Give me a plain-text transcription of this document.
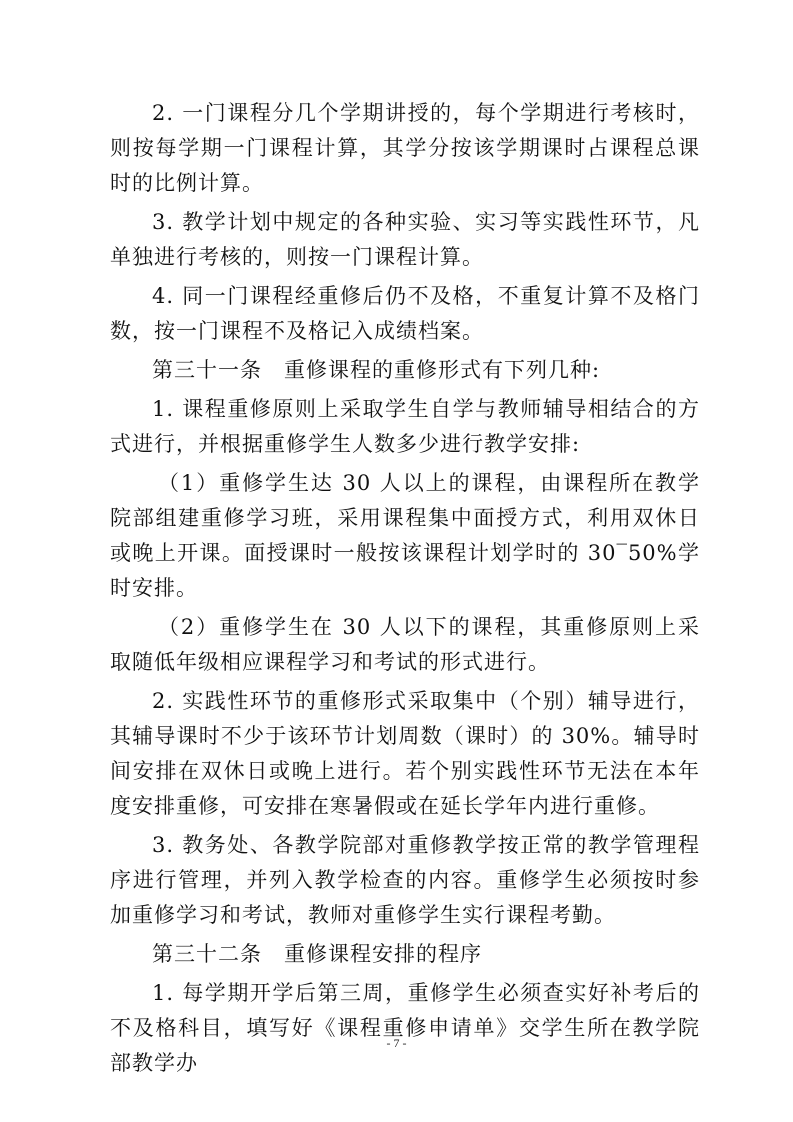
2. 一门课程分几个学期讲授的，每个学期进行考核时，则按每学期一门课程计算，其学分按该学期课时占课程总课时的比例计算。

3. 教学计划中规定的各种实验、实习等实践性环节，凡单独进行考核的，则按一门课程计算。

4. 同一门课程经重修后仍不及格，不重复计算不及格门数，按一门课程不及格记入成绩档案。

第三十一条　重修课程的重修形式有下列几种:

1. 课程重修原则上采取学生自学与教师辅导相结合的方式进行，并根据重修学生人数多少进行教学安排:

（1）重修学生达 30 人以上的课程，由课程所在教学院部组建重修学习班，采用课程集中面授方式，利用双休日或晚上开课。面授课时一般按该课程计划学时的 30‾50%学时安排。

（2）重修学生在 30 人以下的课程，其重修原则上采取随低年级相应课程学习和考试的形式进行。

2. 实践性环节的重修形式采取集中（个别）辅导进行，其辅导课时不少于该环节计划周数（课时）的 30%。辅导时间安排在双休日或晚上进行。若个别实践性环节无法在本年度安排重修，可安排在寒暑假或在延长学年内进行重修。

3. 教务处、各教学院部对重修教学按正常的教学管理程序进行管理，并列入教学检查的内容。重修学生必须按时参加重修学习和考试，教师对重修学生实行课程考勤。

第三十二条　重修课程安排的程序

1. 每学期开学后第三周，重修学生必须查实好补考后的不及格科目，填写好《课程重修申请单》交学生所在教学院部教学办

- 7 -
